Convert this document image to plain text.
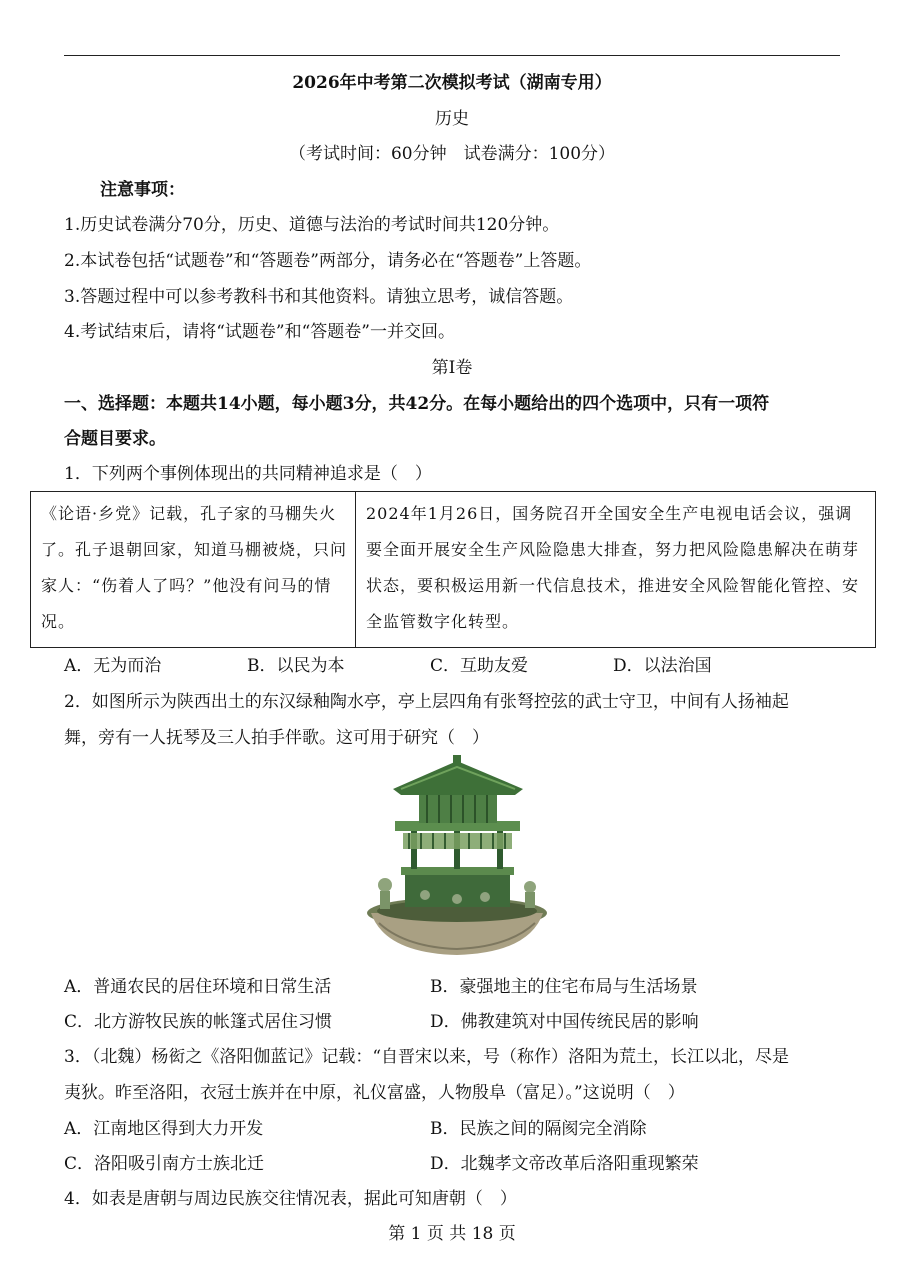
2026年中考第二次模拟考试（湖南专用）
历史
（考试时间：60分钟　试卷满分：100分）
注意事项：
1.历史试卷满分70分，历史、道德与法治的考试时间共120分钟。
2.本试卷包括“试题卷”和“答题卷”两部分，请务必在“答题卷”上答题。
3.答题过程中可以参考教科书和其他资料。请独立思考，诚信答题。
4.考试结束后，请将“试题卷”和“答题卷”一并交回。
第Ⅰ卷
一、选择题：本题共14小题，每小题3分，共42分。在每小题给出的四个选项中，只有一项符
合题目要求。
1．下列两个事例体现出的共同精神追求是（　）
《论语·乡党》记载，孔子家的马棚失火了。孔子退朝回家，知道马棚被烧，只问家人：“伤着人了吗？”他没有问马的情况。	2024年1月26日，国务院召开全国安全生产电视电话会议，强调要全面开展安全生产风险隐患大排查，努力把风险隐患解决在萌芽状态，要积极运用新一代信息技术，推进安全风险智能化管控、安全监管数字化转型。
A．无为而治	B．以民为本	C．互助友爱	D．以法治国
2．如图所示为陕西出土的东汉绿釉陶水亭，亭上层四角有张弩控弦的武士守卫，中间有人扬袖起
舞，旁有一人抚琴及三人拍手伴歌。这可用于研究（　）
A．普通农民的居住环境和日常生活	B．豪强地主的住宅布局与生活场景
C．北方游牧民族的帐篷式居住习惯	D．佛教建筑对中国传统民居的影响
3．（北魏）杨衒之《洛阳伽蓝记》记载：“自晋宋以来，号（称作）洛阳为荒土，长江以北，尽是
夷狄。昨至洛阳，衣冠士族并在中原，礼仪富盛，人物殷阜（富足）。”这说明（　）
A．江南地区得到大力开发	B．民族之间的隔阂完全消除
C．洛阳吸引南方士族北迁	D．北魏孝文帝改革后洛阳重现繁荣
4．如表是唐朝与周边民族交往情况表，据此可知唐朝（　）
第 1 页 共 18 页
